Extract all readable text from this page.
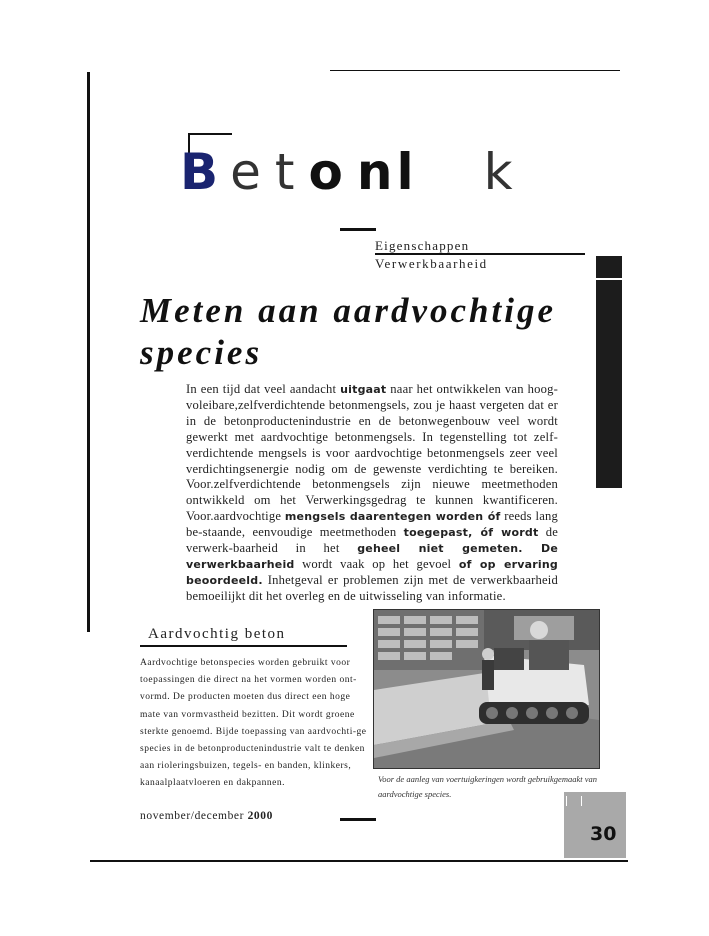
B e t o nl k
Eigenschappen
Verwerkbaarheid
Meten aan aardvochtige species
In een tijd dat veel aandacht uitgaat naar het ontwikkelen van hoog-voleibare,zelfverdichtende betonmengsels, zou je haast vergeten dat er in de betonproductenindustrie en de betonwegenbouw veel wordt gewerkt met aardvochtige betonmengsels. In tegenstelling tot zelf-verdichtende mengsels is voor aardvochtige betonmengsels zeer veel verdichtingsenergie nodig om de gewenste verdichting te bereiken. Voor.zelfverdichtende betonmengsels zijn nieuwe meetmethoden ontwikkeld om het Verwerkingsgedrag te kunnen kwantificeren. Voor.aardvochtige mengsels daarentegen worden óf reeds lang be-staande, eenvoudige meetmethoden toegepast, óf wordt de verwerk-baarheid in het geheel niet gemeten. De verwerkbaarheid wordt vaak op het gevoel of op ervaring beoordeeld. Inhetgeval er problemen zijn met de verwerkbaarheid bemoeilijkt dit het overleg en de uitwisseling van informatie.
Aardvochtig beton
Aardvochtige betonspecies worden gebruikt voor toepassingen die direct na het vormen worden ont-vormd. De producten moeten dus direct een hoge mate van vormvastheid bezitten. Dit wordt groene sterkte genoemd. Bijde toepassing van aardvochti-ge species in de betonproductenindustrie valt te denken aan rioleringsbuizen, tegels- en banden, klinkers, kanaalplaatvloeren en dakpannen.	Voor de aanleg van voertuigkeringen wordt gebruikgemaakt van aardvochtige species.
november/december 2000
30
